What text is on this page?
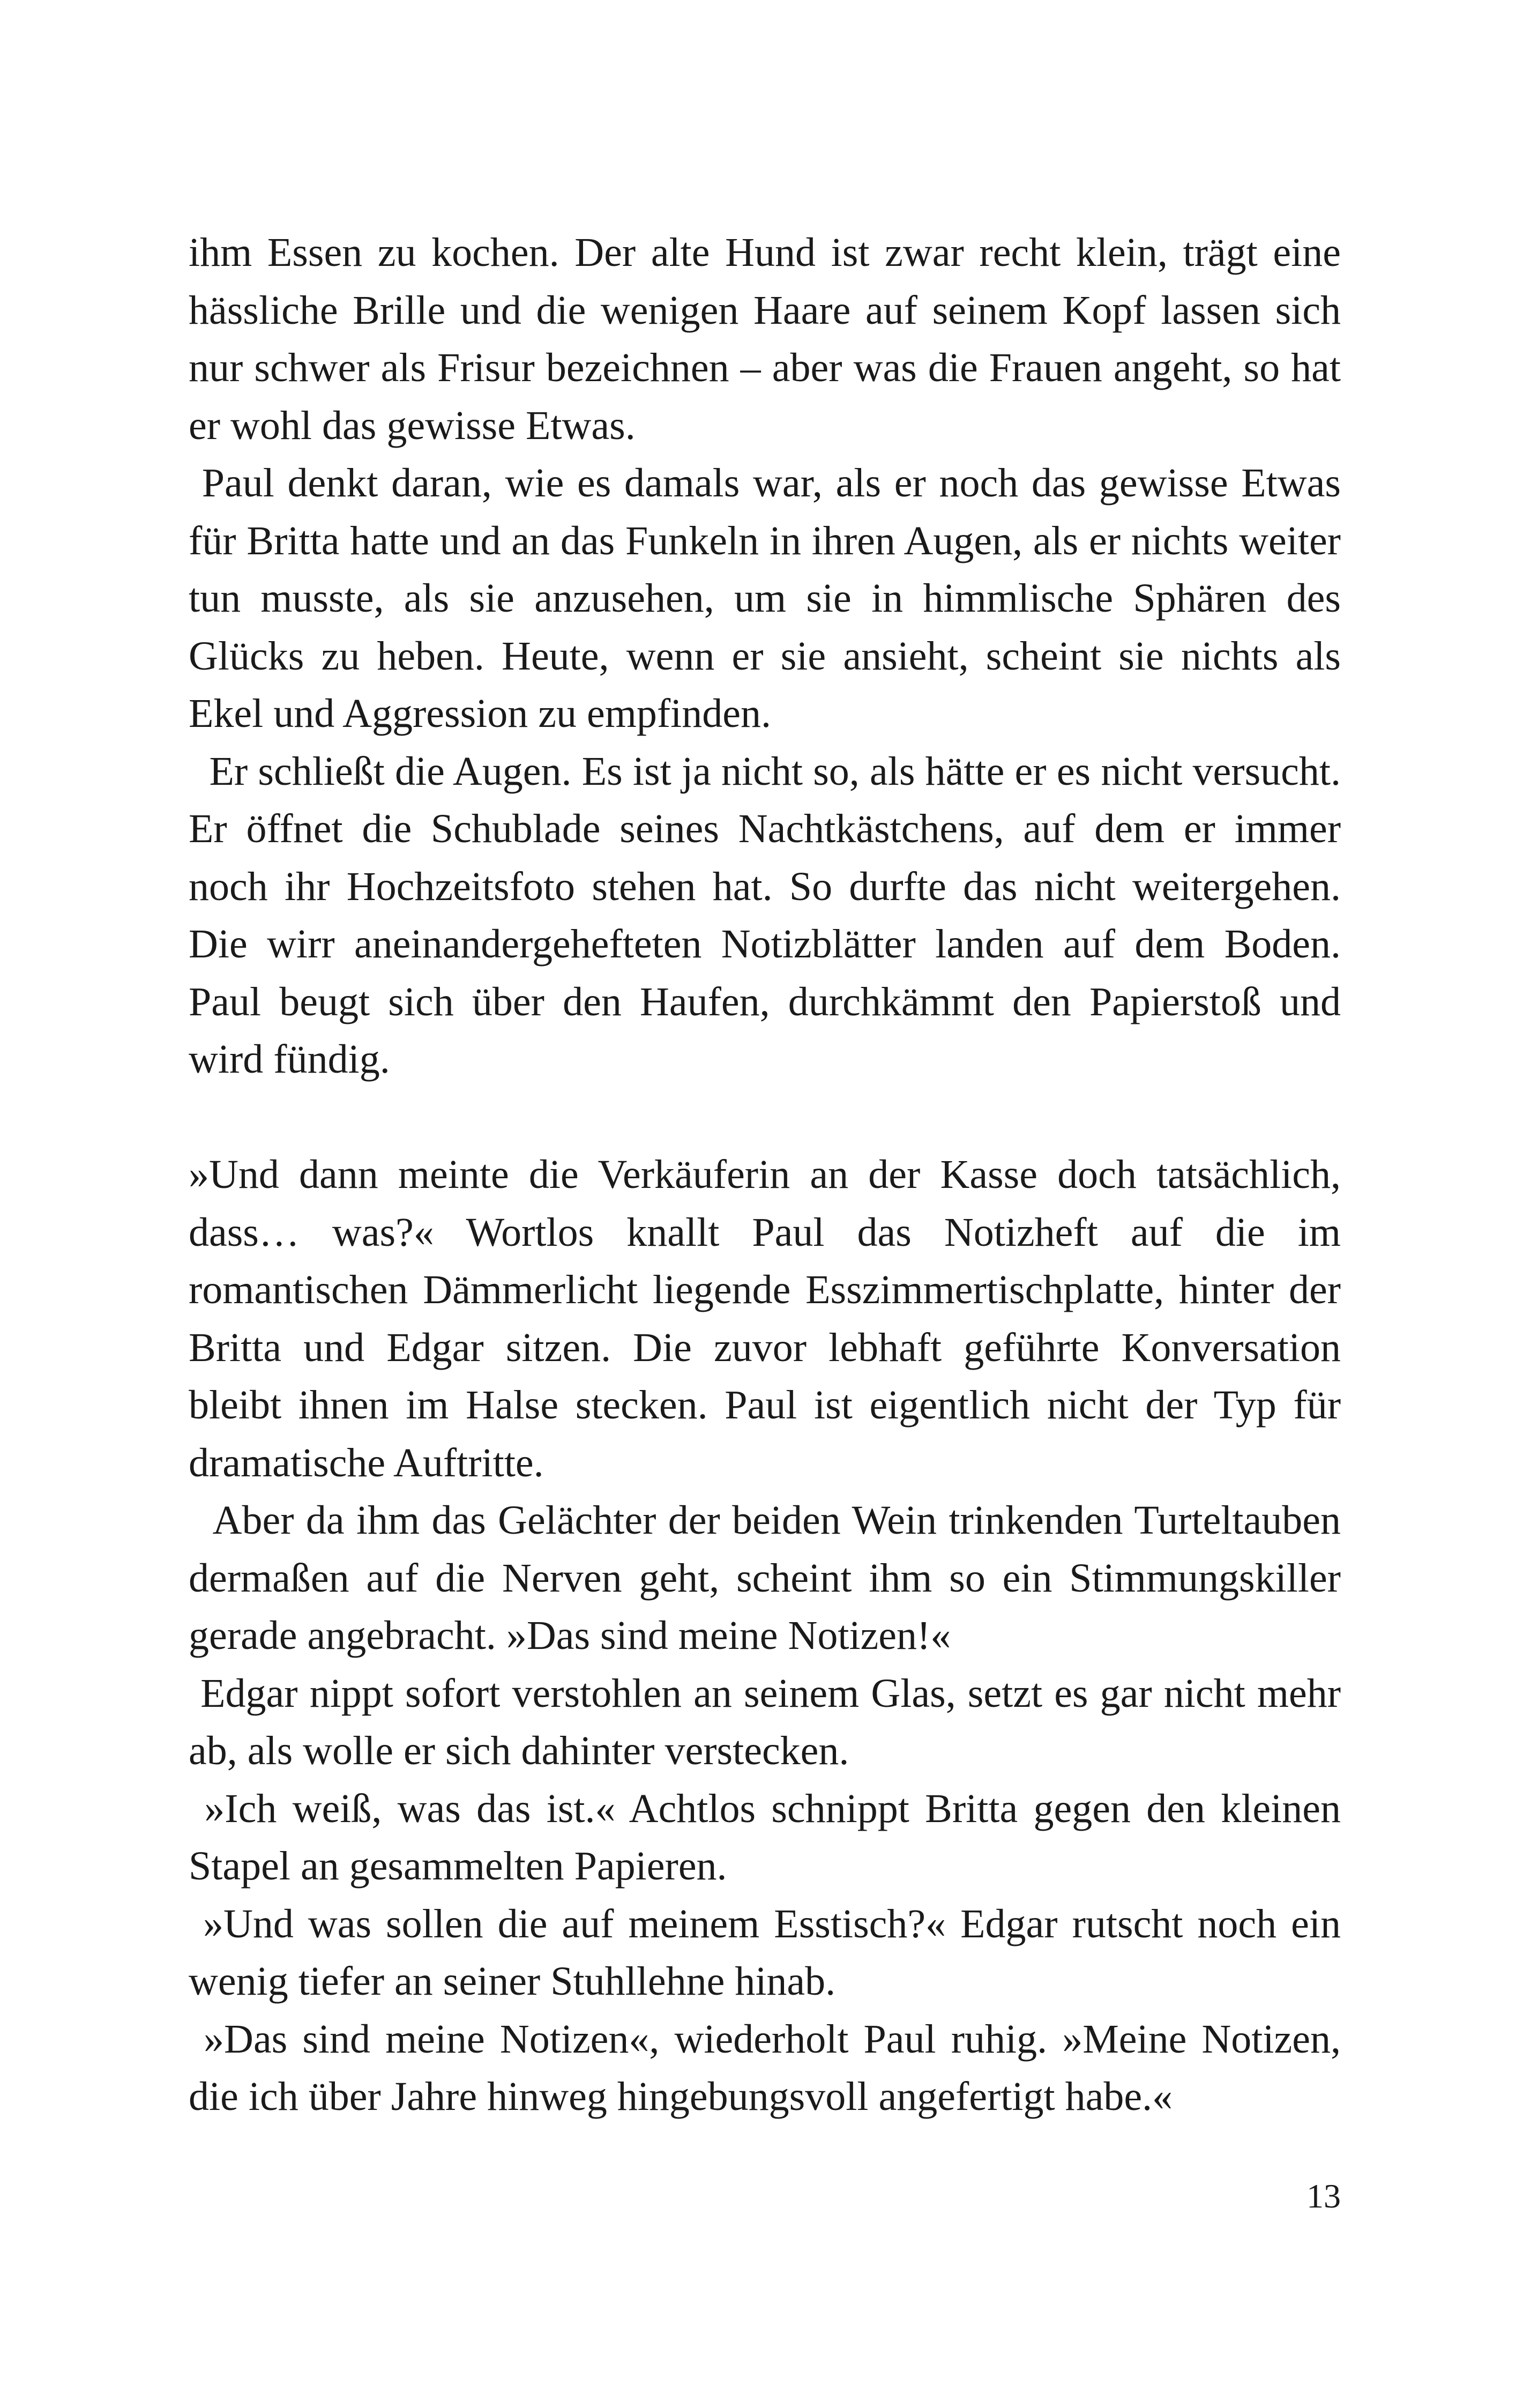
ihm Essen zu kochen. Der alte Hund ist zwar recht klein, trägt eine hässliche Brille und die wenigen Haare auf seinem Kopf lassen sich nur schwer als Frisur bezeichnen – aber was die Frauen angeht, so hat er wohl das gewisse Etwas.

Paul denkt daran, wie es damals war, als er noch das gewisse Etwas für Britta hatte und an das Funkeln in ihren Augen, als er nichts weiter tun musste, als sie anzusehen, um sie in himmlische Sphären des Glücks zu heben. Heute, wenn er sie ansieht, scheint sie nichts als Ekel und Aggression zu empfinden.

Er schließt die Augen. Es ist ja nicht so, als hätte er es nicht versucht. Er öffnet die Schublade seines Nachtkästchens, auf dem er immer noch ihr Hochzeitsfoto stehen hat. So durfte das nicht weitergehen. Die wirr aneinandergehefteten Notizblätter landen auf dem Boden. Paul beugt sich über den Haufen, durchkämmt den Papierstoß und wird fündig.

»Und dann meinte die Verkäuferin an der Kasse doch tatsächlich, dass… was?« Wortlos knallt Paul das Notizheft auf die im romantischen Dämmerlicht liegende Esszimmertischplatte, hinter der Britta und Edgar sitzen. Die zuvor lebhaft geführte Konversation bleibt ihnen im Halse stecken. Paul ist eigentlich nicht der Typ für dramatische Auftritte.

Aber da ihm das Gelächter der beiden Wein trinkenden Turteltauben dermaßen auf die Nerven geht, scheint ihm so ein Stimmungskiller gerade angebracht. »Das sind meine Notizen!«

Edgar nippt sofort verstohlen an seinem Glas, setzt es gar nicht mehr ab, als wolle er sich dahinter verstecken.

»Ich weiß, was das ist.« Achtlos schnippt Britta gegen den kleinen Stapel an gesammelten Papieren.

»Und was sollen die auf meinem Esstisch?« Edgar rutscht noch ein wenig tiefer an seiner Stuhllehne hinab.

»Das sind meine Notizen«, wiederholt Paul ruhig. »Meine Notizen, die ich über Jahre hinweg hingebungsvoll angefertigt habe.«

13
